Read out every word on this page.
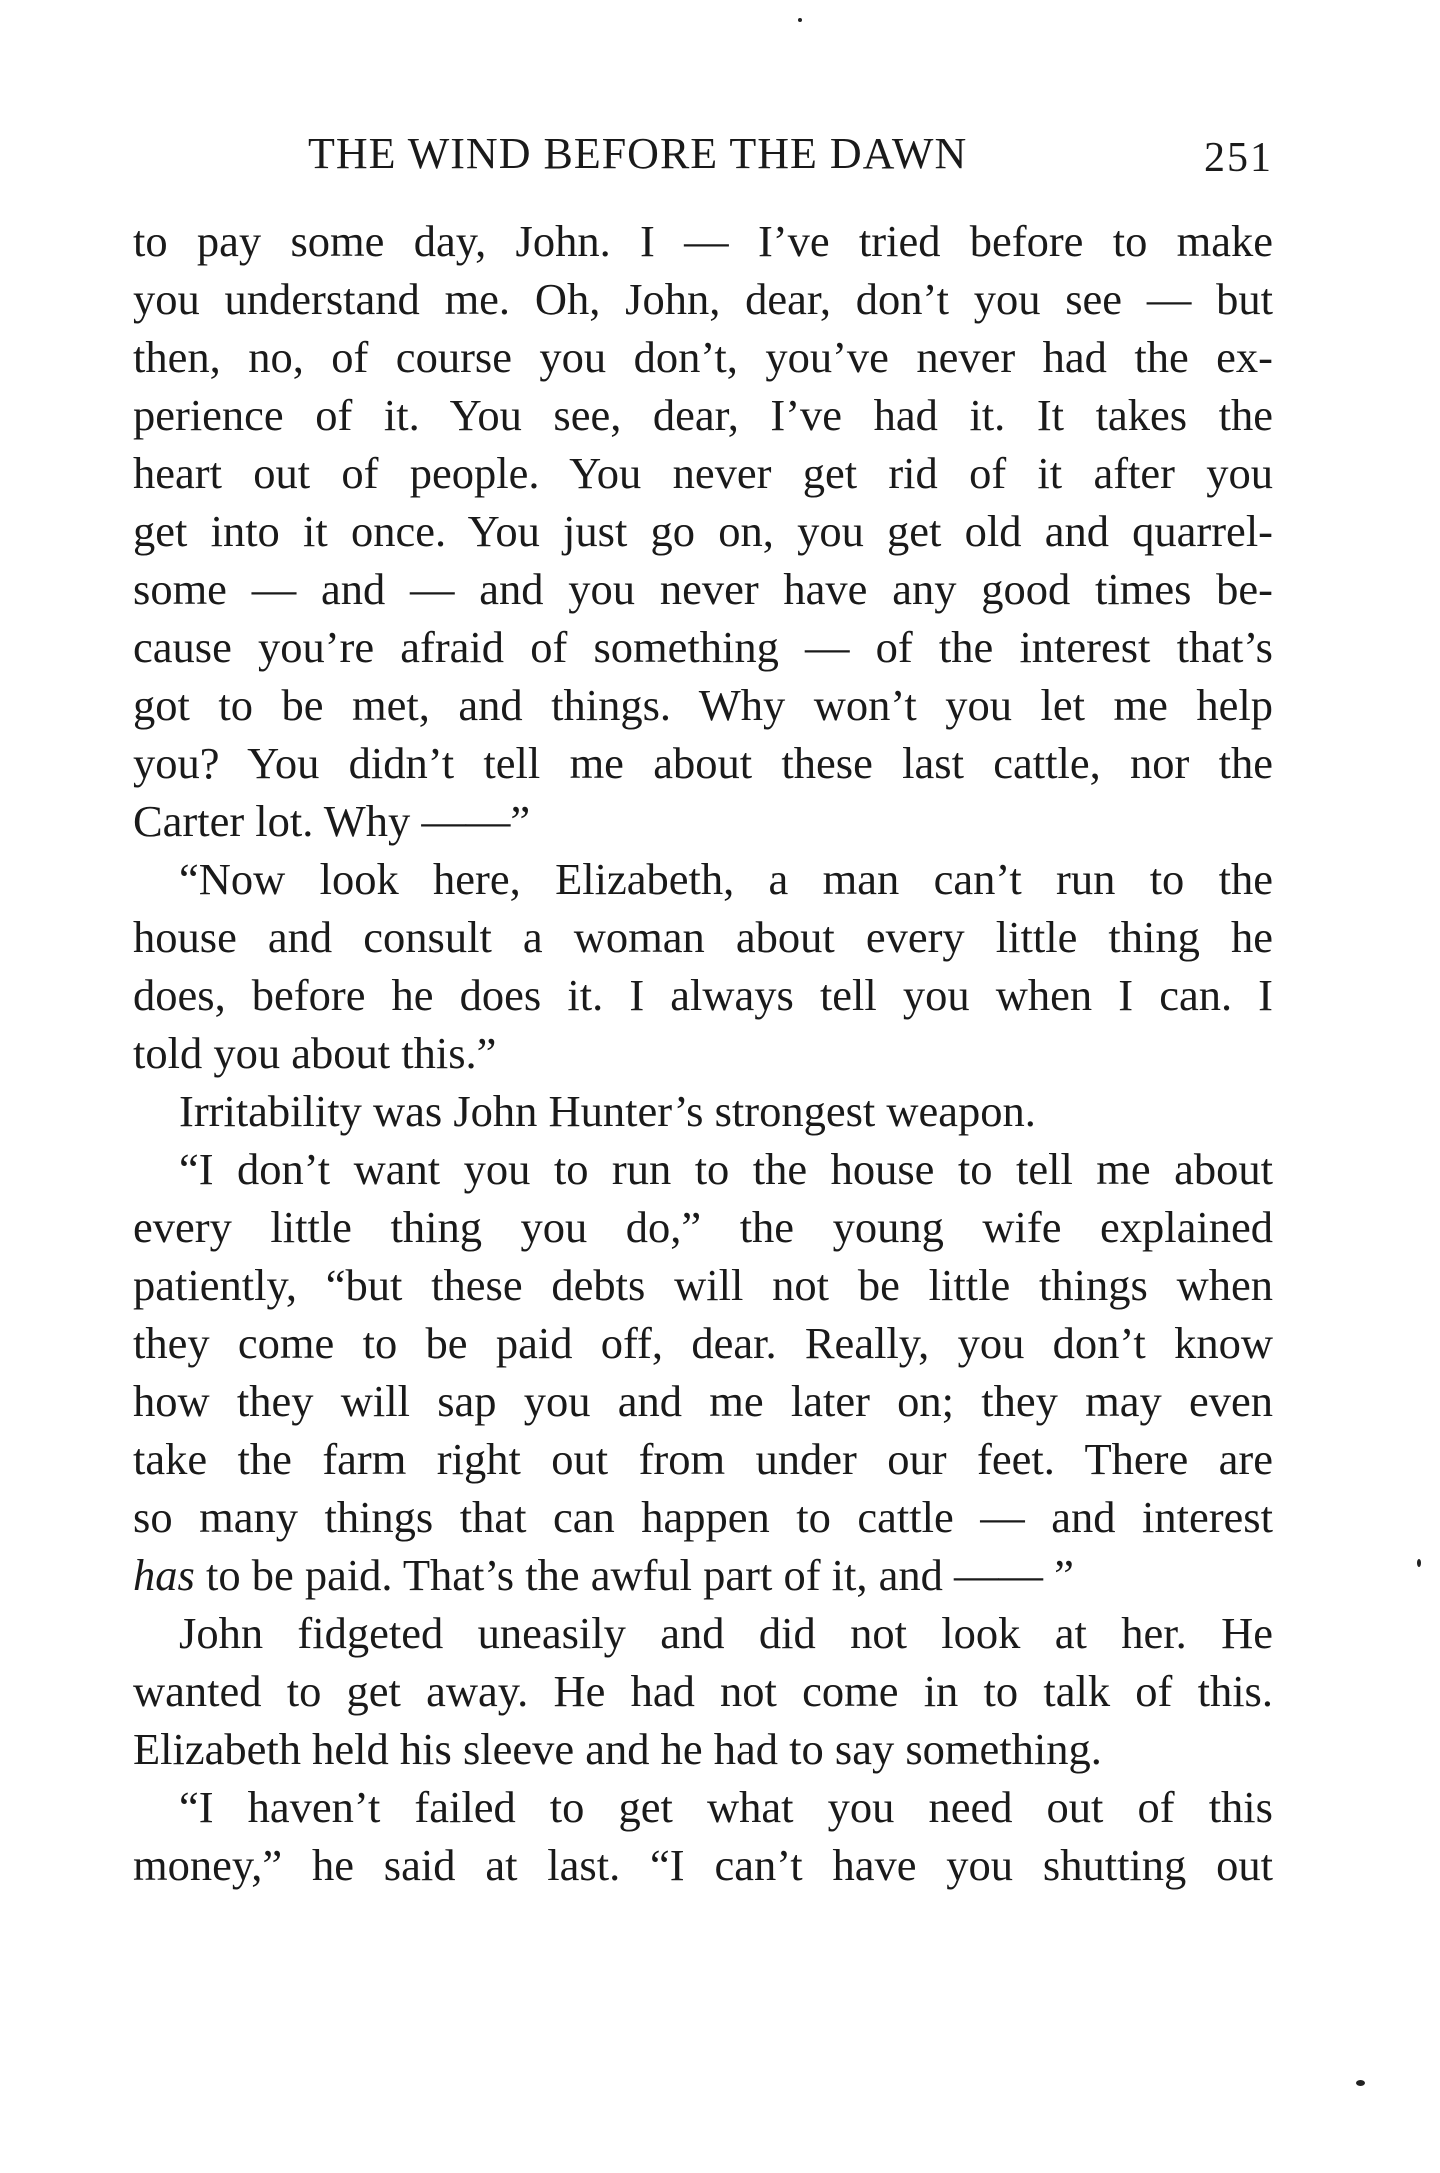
THE WIND BEFORE THE DAWN	251
to pay some day, John. I — I’ve tried before to make
you understand me. Oh, John, dear, don’t you see — but
then, no, of course you don’t, you’ve never had the ex-
perience of it. You see, dear, I’ve had it. It takes the
heart out of people. You never get rid of it after you
get into it once. You just go on, you get old and quarrel-
some — and — and you never have any good times be-
cause you’re afraid of something — of the interest that’s
got to be met, and things. Why won’t you let me help
you? You didn’t tell me about these last cattle, nor the
Carter lot. Why ——”
“Now look here, Elizabeth, a man can’t run to the
house and consult a woman about every little thing he
does, before he does it. I always tell you when I can. I
told you about this.”
Irritability was John Hunter’s strongest weapon.
“I don’t want you to run to the house to tell me about
every little thing you do,” the young wife explained
patiently, “but these debts will not be little things when
they come to be paid off, dear. Really, you don’t know
how they will sap you and me later on; they may even
take the farm right out from under our feet. There are
so many things that can happen to cattle — and interest
has to be paid. That’s the awful part of it, and —— ”
John fidgeted uneasily and did not look at her. He
wanted to get away. He had not come in to talk of this.
Elizabeth held his sleeve and he had to say something.
“I haven’t failed to get what you need out of this
money,” he said at last. “I can’t have you shutting out
